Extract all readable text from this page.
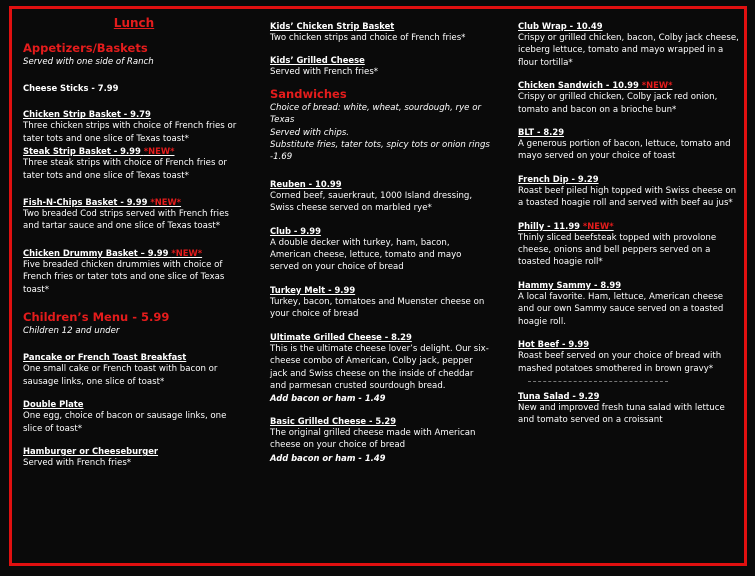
Lunch
Appetizers/Baskets
Served with one side of Ranch
Cheese Sticks - 7.99
Chicken Strip Basket - 9.79
Three chicken strips with choice of French fries or tater tots and one slice of Texas toast*
Steak Strip Basket - 9.99 *NEW*
Three steak strips with choice of French fries or tater tots and one slice of Texas toast*
Fish-N-Chips Basket - 9.99 *NEW*
Two breaded Cod strips served with French fries and tartar sauce and one slice of Texas toast*
Chicken Drummy Basket – 9.99 *NEW*
Five breaded chicken drummies with choice of French fries or tater tots and one slice of Texas toast*
Children’s Menu - 5.99
Children 12 and under
Pancake or French Toast Breakfast
One small cake or French toast with bacon or sausage links, one slice of toast*
Double Plate
One egg, choice of bacon or sausage links, one slice of toast*
Hamburger or Cheeseburger
Served with French fries*
Kids’ Chicken Strip Basket
Two chicken strips and choice of French fries*
Kids’ Grilled Cheese
Served with French fries*
Sandwiches
Choice of bread: white, wheat, sourdough, rye or Texas
Served with chips.
Substitute fries, tater tots, spicy tots or onion rings -1.69
Reuben - 10.99
Corned beef, sauerkraut, 1000 Island dressing, Swiss cheese served on marbled rye*
Club - 9.99
A double decker with turkey, ham, bacon, American cheese, lettuce, tomato and mayo served on your choice of bread
Turkey Melt - 9.99
Turkey, bacon, tomatoes and Muenster cheese on your choice of bread
Ultimate Grilled Cheese - 8.29
This is the ultimate cheese lover’s delight. Our six-cheese combo of American, Colby jack, pepper jack and Swiss cheese on the inside of cheddar and parmesan crusted sourdough bread.
Add bacon or ham - 1.49
Basic Grilled Cheese - 5.29
The original grilled cheese made with American cheese on your choice of bread
Add bacon or ham - 1.49
Club Wrap - 10.49
Crispy or grilled chicken, bacon, Colby jack cheese, iceberg lettuce, tomato and mayo wrapped in a flour tortilla*
Chicken Sandwich - 10.99 *NEW*
Crispy or grilled chicken, Colby jack red onion, tomato and bacon on a brioche bun*
BLT - 8.29
A generous portion of bacon, lettuce, tomato and mayo served on your choice of toast
French Dip - 9.29
Roast beef piled high topped with Swiss cheese on a toasted hoagie roll and served with beef au jus*
Philly - 11.99 *NEW*
Thinly sliced beefsteak topped with provolone cheese, onions and bell peppers served on a toasted hoagie roll*
Hammy Sammy - 8.99
A local favorite. Ham, lettuce, American cheese and our own Sammy sauce served on a toasted hoagie roll.
Hot Beef - 9.99
Roast beef served on your choice of bread with mashed potatoes smothered in brown gravy*
Tuna Salad - 9.29
New and improved fresh tuna salad with lettuce and tomato served on a croissant
